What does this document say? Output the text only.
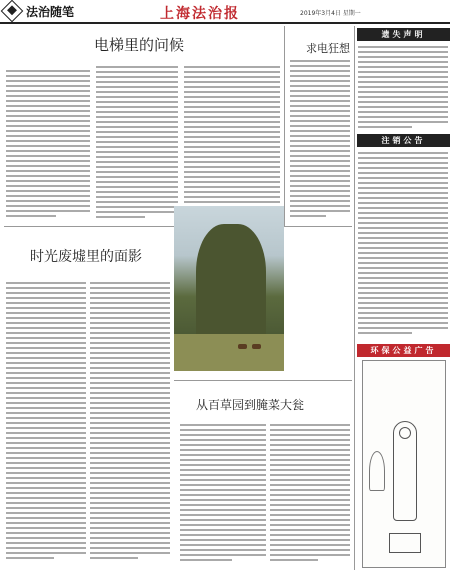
法治随笔	上海法治报	2019年3月4日 星期一
电梯里的问候	求电狂想
时光废墟里的面影
从百草园到腌菜大瓮
遗失声明
注销公告
环保公益广告
